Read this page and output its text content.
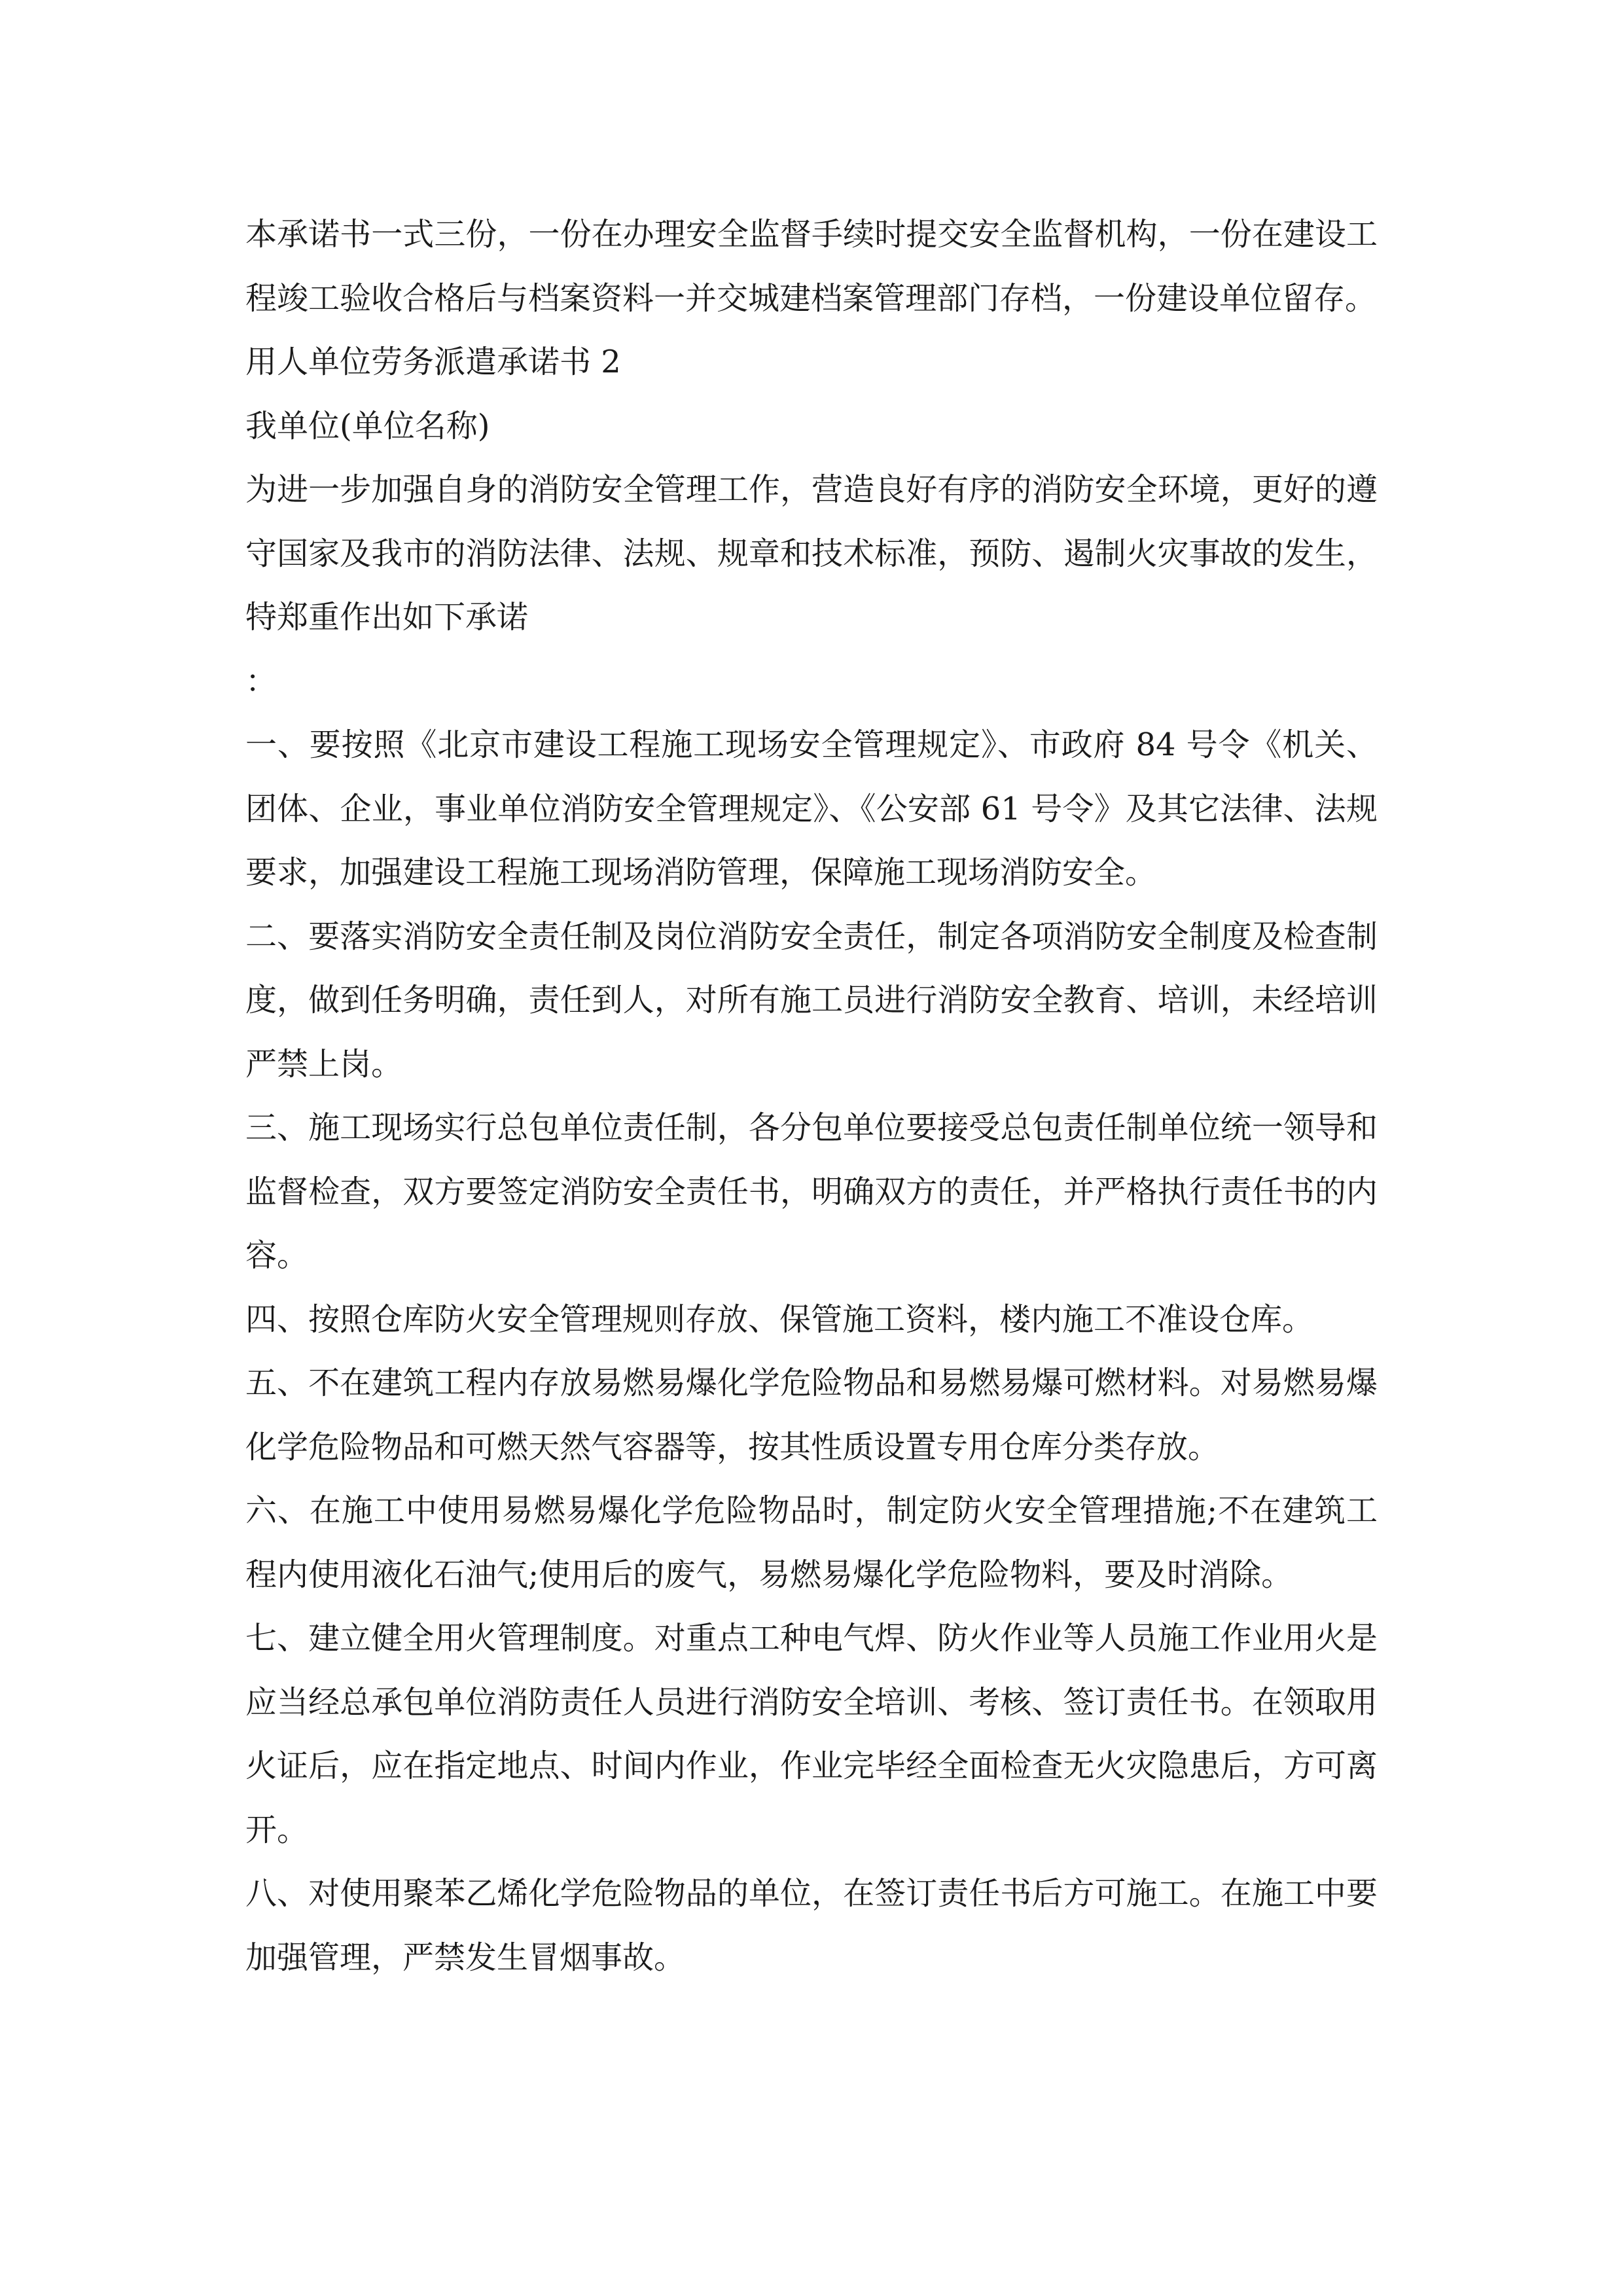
本承诺书一式三份，一份在办理安全监督手续时提交安全监督机构，一份在建设工程竣工验收合格后与档案资料一并交城建档案管理部门存档，一份建设单位留存。

用人单位劳务派遣承诺书 2

我单位(单位名称)

为进一步加强自身的消防安全管理工作，营造良好有序的消防安全环境，更好的遵守国家及我市的消防法律、法规、规章和技术标准，预防、遏制火灾事故的发生，特郑重作出如下承诺

：

一、要按照《北京市建设工程施工现场安全管理规定》、市政府 84 号令《机关、团体、企业，事业单位消防安全管理规定》、《公安部 61 号令》及其它法律、法规要求，加强建设工程施工现场消防管理，保障施工现场消防安全。

二、要落实消防安全责任制及岗位消防安全责任，制定各项消防安全制度及检查制度，做到任务明确，责任到人，对所有施工员进行消防安全教育、培训，未经培训严禁上岗。

三、施工现场实行总包单位责任制，各分包单位要接受总包责任制单位统一领导和监督检查，双方要签定消防安全责任书，明确双方的责任，并严格执行责任书的内容。

四、按照仓库防火安全管理规则存放、保管施工资料，楼内施工不准设仓库。

五、不在建筑工程内存放易燃易爆化学危险物品和易燃易爆可燃材料。对易燃易爆化学危险物品和可燃天然气容器等，按其性质设置专用仓库分类存放。

六、在施工中使用易燃易爆化学危险物品时，制定防火安全管理措施;不在建筑工程内使用液化石油气;使用后的废气，易燃易爆化学危险物料，要及时消除。

七、建立健全用火管理制度。对重点工种电气焊、防火作业等人员施工作业用火是应当经总承包单位消防责任人员进行消防安全培训、考核、签订责任书。在领取用火证后，应在指定地点、时间内作业，作业完毕经全面检查无火灾隐患后，方可离开。

八、对使用聚苯乙烯化学危险物品的单位，在签订责任书后方可施工。在施工中要加强管理，严禁发生冒烟事故。
